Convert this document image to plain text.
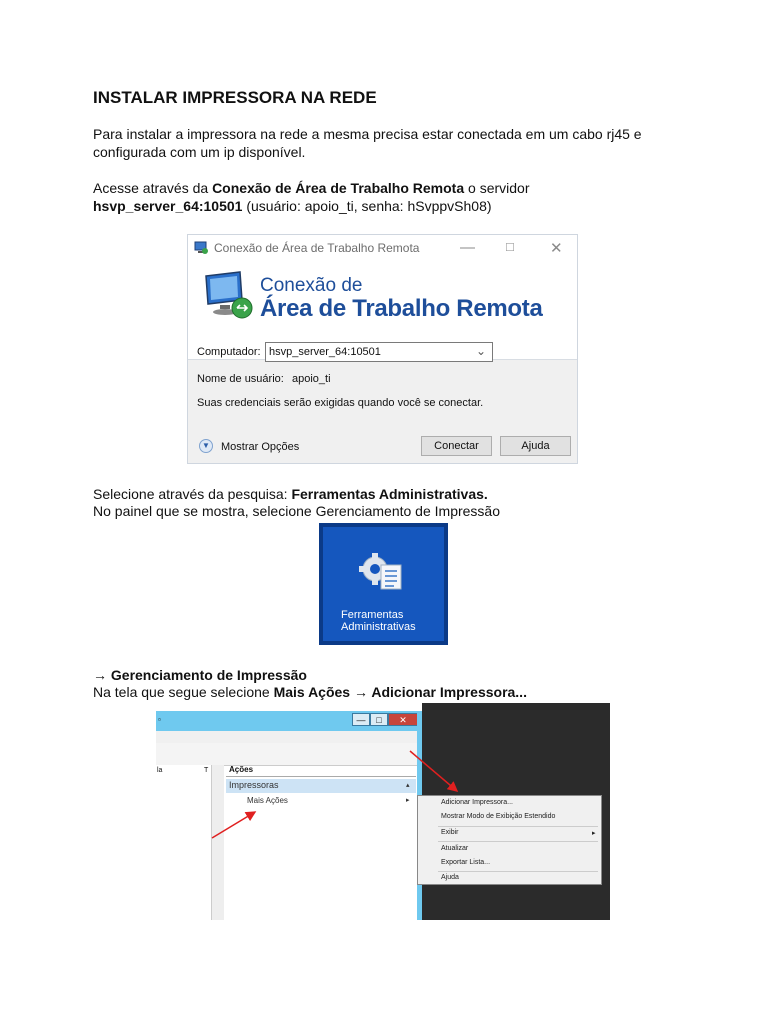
INSTALAR IMPRESSORA NA REDE
Para instalar a impressora na rede a mesma precisa estar conectada em um cabo rj45 e
configurada com um ip disponível.
Acesse através da Conexão de Área de Trabalho Remota o servidor
hsvp_server_64:10501 (usuário: apoio_ti, senha: hSvppvSh08)
Conexão de Área de Trabalho Remota	— □ ✕
Conexão de
Área de Trabalho Remota
Computador: hsvp_server_64:10501	⌄
Nome de usuário: apoio_ti
Suas credenciais serão exigidas quando você se conectar.
▼ Mostrar Opções	Conectar	Ajuda
Selecione através da pesquisa: Ferramentas Administrativas.
No painel que se mostra, selecione Gerenciamento de Impressão
Ferramentas
Administrativas
→ Gerenciamento de Impressão
Na tela que segue selecione Mais Ações → Adicionar Impressora...
▫	—	□	✕
la	T	Ações
Impressoras
Mais Ações	▸
▴
Adicionar Impressora...
Mostrar Modo de Exibição Estendido
Exibir	▸
Atualizar
Exportar Lista...
Ajuda
